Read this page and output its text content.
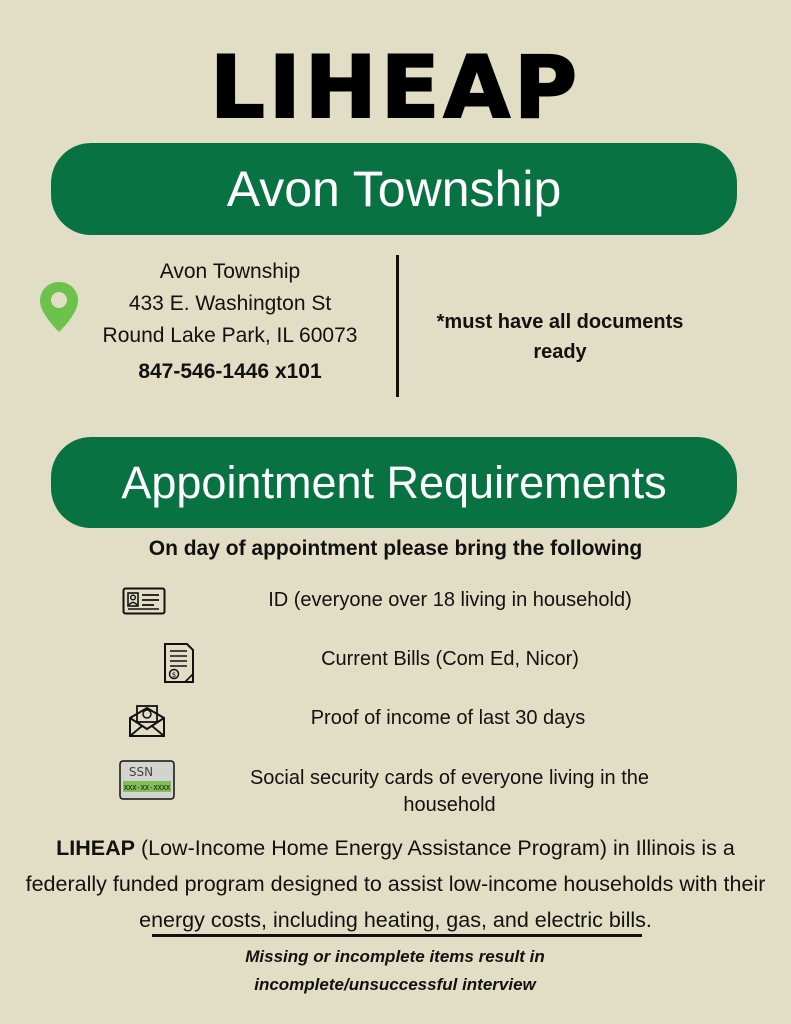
LIHEAP
Avon Township
Avon Township
433 E. Washington St
Round Lake Park, IL 60073
847-546-1446 x101
*must have all documents ready
Appointment Requirements
On day of appointment please bring the following
ID (everyone over 18 living in household)
$
Current Bills (Com Ed, Nicor)
Proof of income of last 30 days
SSN
XXX-XX-XXXX	Social security cards of everyone living in the household
LIHEAP (Low-Income Home Energy Assistance Program) in Illinois is a federally funded program designed to assist low-income households with their energy costs, including heating, gas, and electric bills.
Missing or incomplete items result in incomplete/unsuccessful interview
